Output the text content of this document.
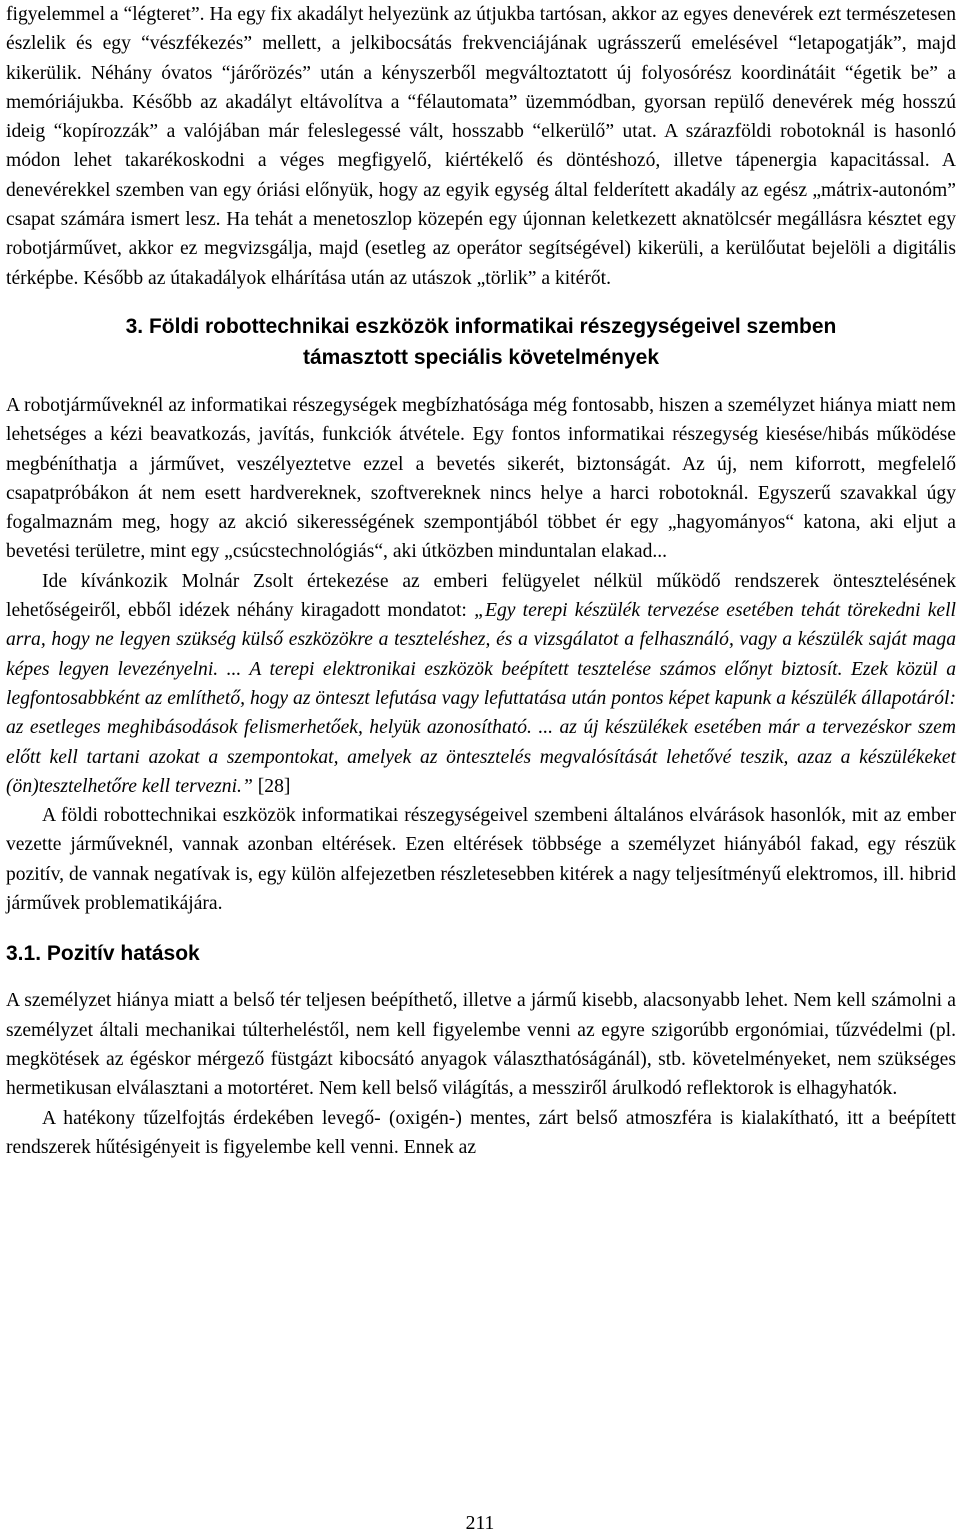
figyelemmel a “légteret”. Ha egy fix akadályt helyezünk az útjukba tartósan, akkor az egyes denevérek ezt természetesen észlelik és egy “vészfékezés” mellett, a jelkibocsátás frekvenciájának ugrásszerű emelésével “letapogatják”, majd kikerülik. Néhány óvatos “járőrözés” után a kényszerből megváltoztatott új folyosórész koordinátáit “égetik be” a memóriájukba. Később az akadályt eltávolítva a “félautomata” üzemmódban, gyorsan repülő denevérek még hosszú ideig “kopírozzák” a valójában már feleslegessé vált, hosszabb “elkerülő” utat. A szárazföldi robotoknál is hasonló módon lehet takarékoskodni a véges megfigyelő, kiértékelő és döntéshozó, illetve tápenergia kapacitással. A denevérekkel szemben van egy óriási előnyük, hogy az egyik egység által felderített akadály az egész „mátrix-autonóm” csapat számára ismert lesz. Ha tehát a menetoszlop közepén egy újonnan keletkezett aknatölcsér megállásra késztet egy robotjárművet, akkor ez megvizsgálja, majd (esetleg az operátor segítségével) kikerüli, a kerülőutat bejelöli a digitális térképbe. Később az útakadályok elhárítása után az utászok „törlik” a kitérőt.

3. Földi robottechnikai eszközök informatikai részegységeivel szemben
támasztott speciális követelmények

A robotjárműveknél az informatikai részegységek megbízhatósága még fontosabb, hiszen a személyzet hiánya miatt nem lehetséges a kézi beavatkozás, javítás, funkciók átvétele. Egy fontos informatikai részegység kiesése/hibás működése megbéníthatja a járművet, veszélyeztetve ezzel a bevetés sikerét, biztonságát. Az új, nem kiforrott, megfelelő csapatpróbákon át nem esett hardvereknek, szoftvereknek nincs helye a harci robotoknál. Egyszerű szavakkal úgy fogalmaznám meg, hogy az akció sikerességének szempontjából többet ér egy „hagyományos“ katona, aki eljut a bevetési területre, mint egy „csúcstechnológiás“, aki útközben minduntalan elakad...

Ide kívánkozik Molnár Zsolt értekezése az emberi felügyelet nélkül működő rendszerek öntesztelésének lehetőségeiről, ebből idézek néhány kiragadott mondatot: „Egy terepi készülék tervezése esetében tehát törekedni kell arra, hogy ne legyen szükség külső eszközökre a teszteléshez, és a vizsgálatot a felhasználó, vagy a készülék saját maga képes legyen levezényelni. ... A terepi elektronikai eszközök beépített tesztelése számos előnyt biztosít. Ezek közül a legfontosabbként az említhető, hogy az önteszt lefutása vagy lefuttatása után pontos képet kapunk a készülék állapotáról: az esetleges meghibásodások felismerhetőek, helyük azonosítható. ... az új készülékek esetében már a tervezéskor szem előtt kell tartani azokat a szempontokat, amelyek az öntesztelés megvalósítását lehetővé teszik, azaz a készülékeket (ön)tesztelhetőre kell tervezni.” [28]

A földi robottechnikai eszközök informatikai részegységeivel szembeni általános elvárások hasonlók, mit az ember vezette járműveknél, vannak azonban eltérések. Ezen eltérések többsége a személyzet hiányából fakad, egy részük pozitív, de vannak negatívak is, egy külön alfejezetben részletesebben kitérek a nagy teljesítményű elektromos, ill. hibrid járművek problematikájára.

3.1. Pozitív hatások

A személyzet hiánya miatt a belső tér teljesen beépíthető, illetve a jármű kisebb, alacsonyabb lehet. Nem kell számolni a személyzet általi mechanikai túlterheléstől, nem kell figyelembe venni az egyre szigorúbb ergonómiai, tűzvédelmi (pl. megkötések az égéskor mérgező füstgázt kibocsátó anyagok választhatóságánál), stb. követelményeket, nem szükséges hermetikusan elválasztani a motortéret. Nem kell belső világítás, a messziről árulkodó reflektorok is elhagyhatók.

A hatékony tűzelfojtás érdekében levegő- (oxigén-) mentes, zárt belső atmoszféra is kialakítható, itt a beépített rendszerek hűtésigényeit is figyelembe kell venni. Ennek az

211
